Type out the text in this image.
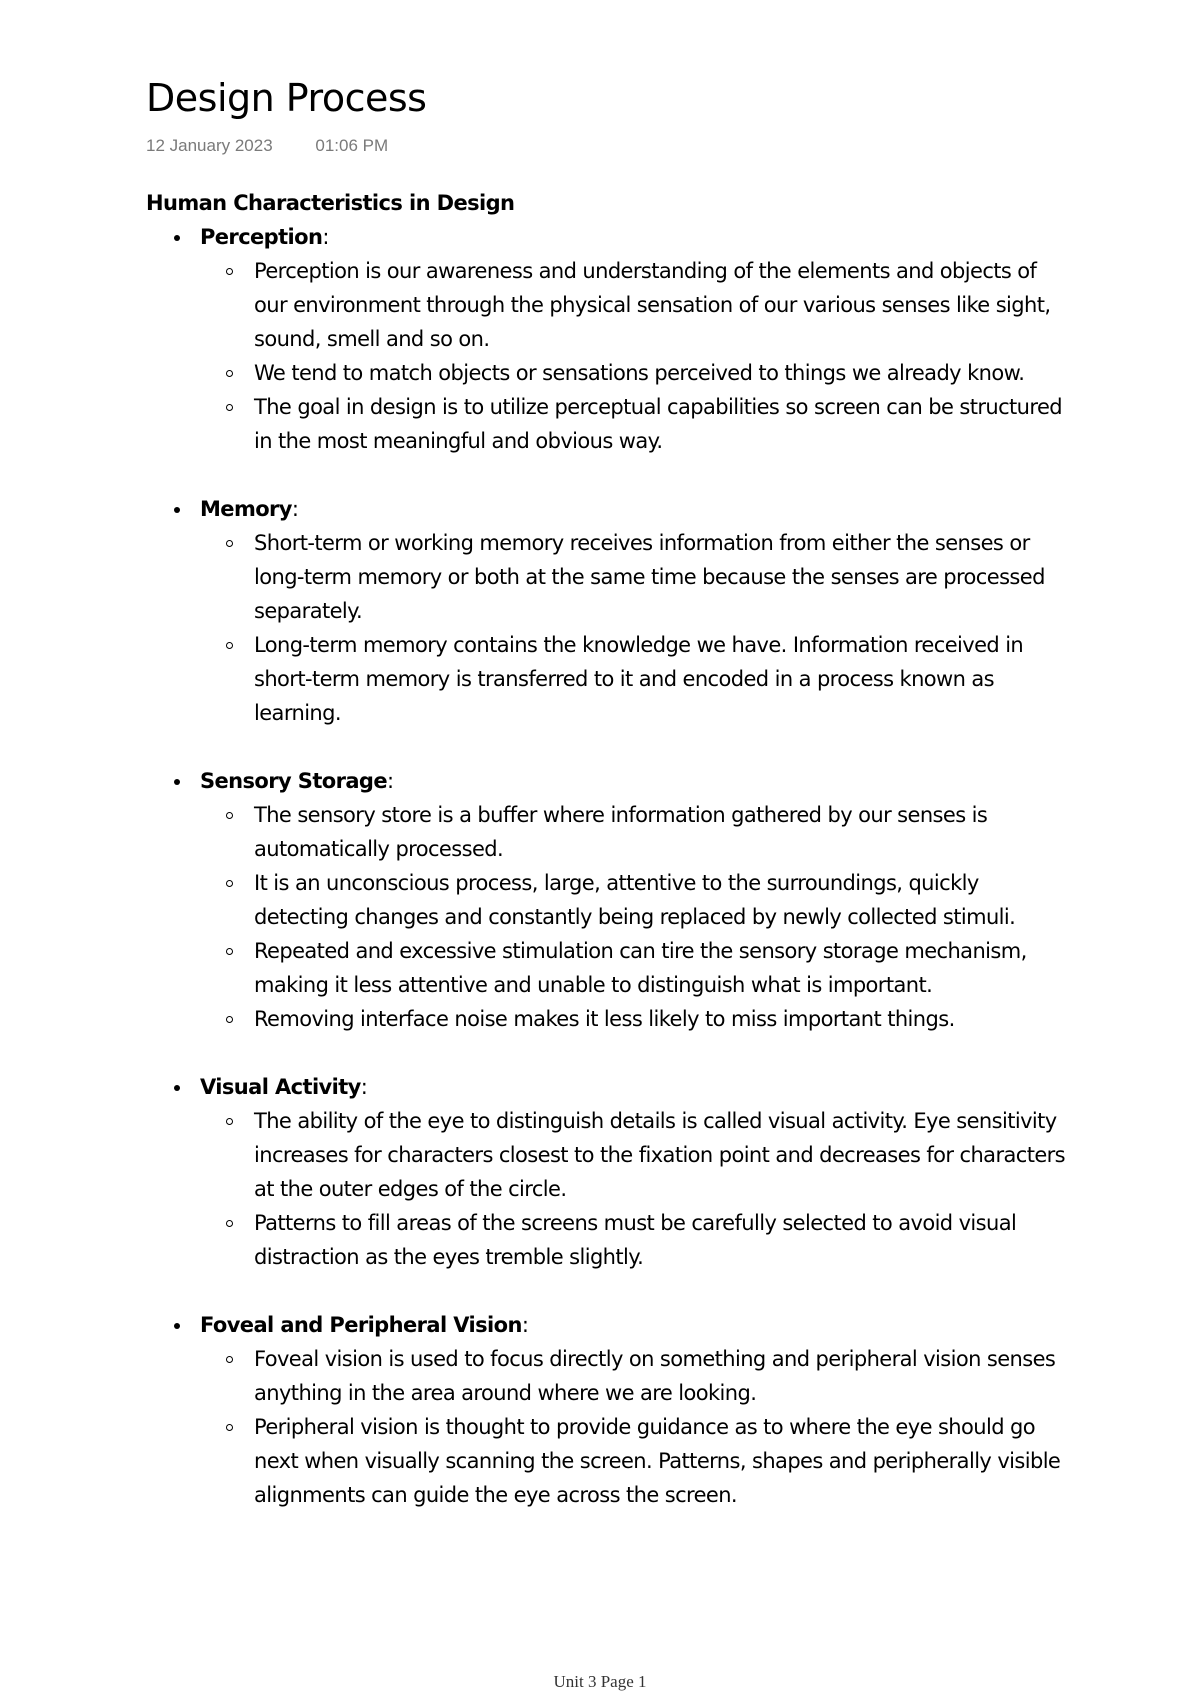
Design Process
12 January 2023	01:06 PM

Human Characteristics in Design

Perception:
Perception is our awareness and understanding of the elements and objects of our environment through the physical sensation of our various senses like sight, sound, smell and so on.
We tend to match objects or sensations perceived to things we already know.
The goal in design is to utilize perceptual capabilities so screen can be structured in the most meaningful and obvious way.
Memory:
Short-term or working memory receives information from either the senses or long-term memory or both at the same time because the senses are processed separately.
Long-term memory contains the knowledge we have. Information received in short-term memory is transferred to it and encoded in a process known as learning.
Sensory Storage:
The sensory store is a buffer where information gathered by our senses is automatically processed.
It is an unconscious process, large, attentive to the surroundings, quickly detecting changes and constantly being replaced by newly collected stimuli.
Repeated and excessive stimulation can tire the sensory storage mechanism, making it less attentive and unable to distinguish what is important.
Removing interface noise makes it less likely to miss important things.
Visual Activity:
The ability of the eye to distinguish details is called visual activity. Eye sensitivity increases for characters closest to the fixation point and decreases for characters at the outer edges of the circle.
Patterns to fill areas of the screens must be carefully selected to avoid visual distraction as the eyes tremble slightly.
Foveal and Peripheral Vision:
Foveal vision is used to focus directly on something and peripheral vision senses anything in the area around where we are looking.
Peripheral vision is thought to provide guidance as to where the eye should go next when visually scanning the screen. Patterns, shapes and peripherally visible alignments can guide the eye across the screen.
Unit 3 Page 1
